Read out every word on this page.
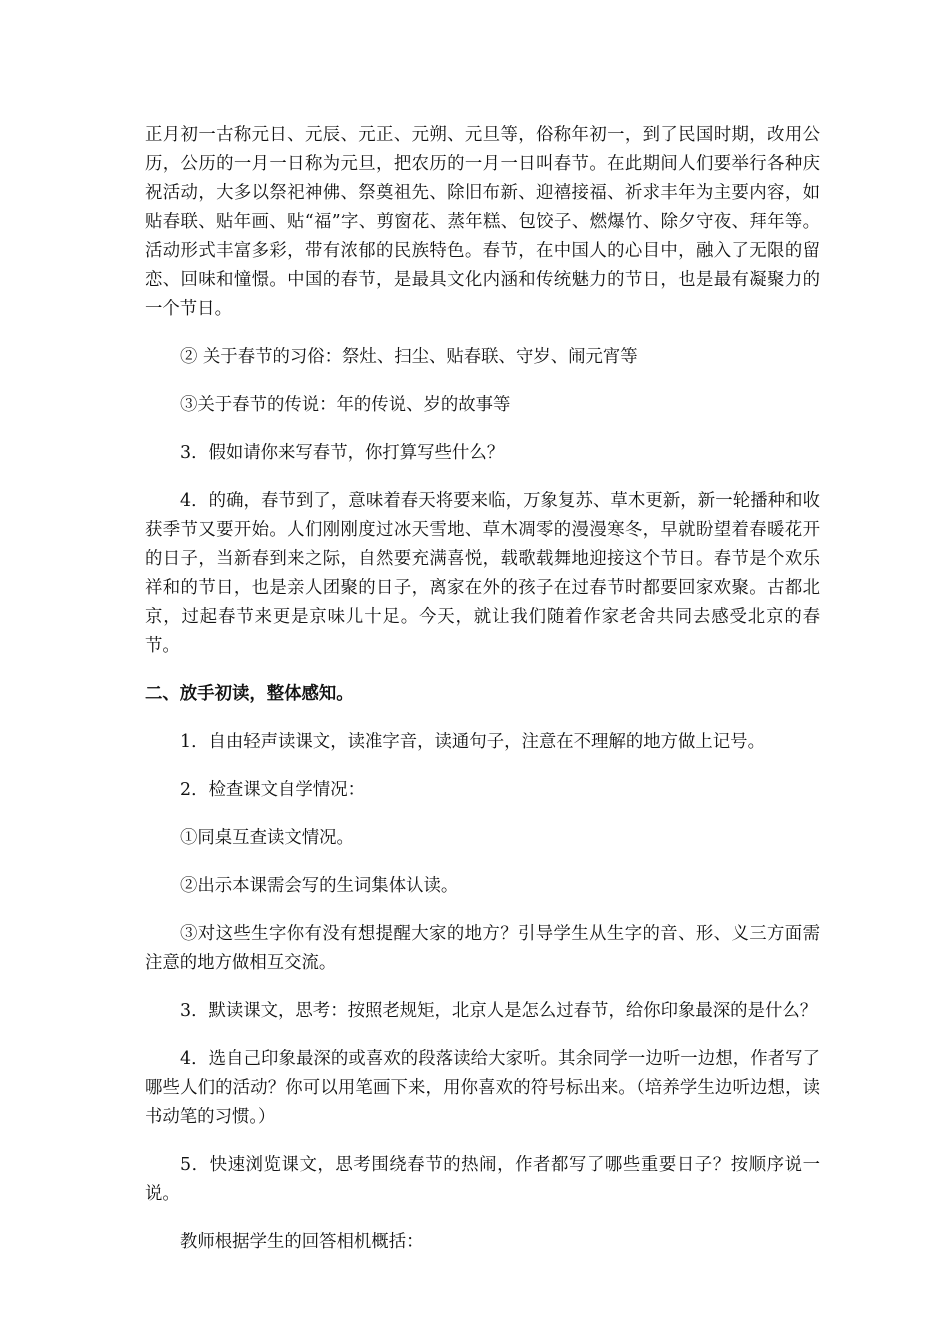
正月初一古称元日、元辰、元正、元朔、元旦等，俗称年初一，到了民国时期，改用公历，公历的一月一日称为元旦，把农历的一月一日叫春节。在此期间人们要举行各种庆祝活动，大多以祭祀神佛、祭奠祖先、除旧布新、迎禧接福、祈求丰年为主要内容，如贴春联、贴年画、贴“福”字、剪窗花、蒸年糕、包饺子、燃爆竹、除夕守夜、拜年等。活动形式丰富多彩，带有浓郁的民族特色。春节，在中国人的心目中，融入了无限的留恋、回味和憧憬。中国的春节，是最具文化内涵和传统魅力的节日，也是最有凝聚力的一个节日。

② 关于春节的习俗：祭灶、扫尘、贴春联、守岁、闹元宵等

③关于春节的传说：年的传说、岁的故事等

3．假如请你来写春节，你打算写些什么？

4．的确，春节到了，意味着春天将要来临，万象复苏、草木更新，新一轮播种和收获季节又要开始。人们刚刚度过冰天雪地、草木凋零的漫漫寒冬，早就盼望着春暖花开的日子，当新春到来之际，自然要充满喜悦，载歌载舞地迎接这个节日。春节是个欢乐祥和的节日，也是亲人团聚的日子，离家在外的孩子在过春节时都要回家欢聚。古都北京，过起春节来更是京味儿十足。今天，就让我们随着作家老舍共同去感受北京的春节。

二、放手初读，整体感知。

1．自由轻声读课文，读准字音，读通句子，注意在不理解的地方做上记号。

2．检查课文自学情况：

①同桌互查读文情况。

②出示本课需会写的生词集体认读。

③对这些生字你有没有想提醒大家的地方？引导学生从生字的音、形、义三方面需注意的地方做相互交流。

3．默读课文，思考：按照老规矩，北京人是怎么过春节，给你印象最深的是什么？

4．选自己印象最深的或喜欢的段落读给大家听。其余同学一边听一边想，作者写了哪些人们的活动？你可以用笔画下来，用你喜欢的符号标出来。（培养学生边听边想，读书动笔的习惯。）

5．快速浏览课文，思考围绕春节的热闹，作者都写了哪些重要日子？按顺序说一说。

教师根据学生的回答相机概括：
